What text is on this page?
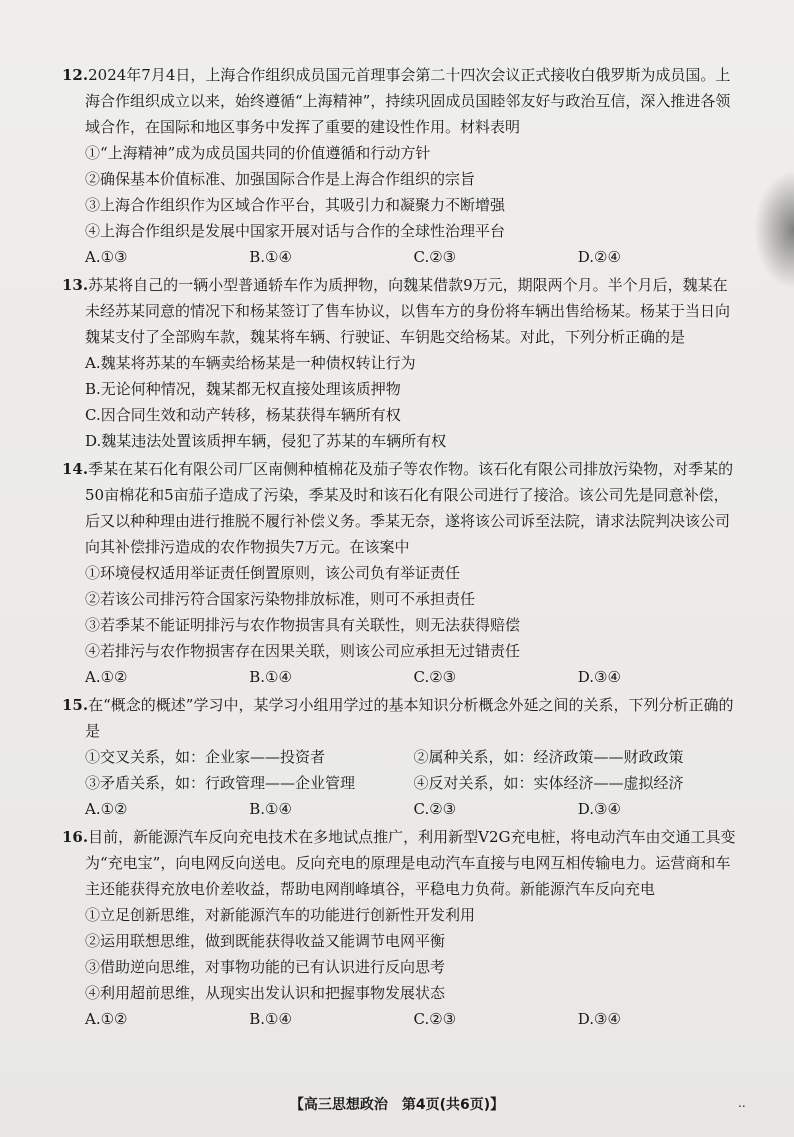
12.2024年7月4日，上海合作组织成员国元首理事会第二十四次会议正式接收白俄罗斯为成员国。上海合作组织成立以来，始终遵循“上海精神”，持续巩固成员国睦邻友好与政治互信，深入推进各领域合作，在国际和地区事务中发挥了重要的建设性作用。材料表明
①“上海精神”成为成员国共同的价值遵循和行动方针
②确保基本价值标准、加强国际合作是上海合作组织的宗旨
③上海合作组织作为区域合作平台，其吸引力和凝聚力不断增强
④上海合作组织是发展中国家开展对话与合作的全球性治理平台
A.①③	B.①④	C.②③	D.②④
13.苏某将自己的一辆小型普通轿车作为质押物，向魏某借款9万元，期限两个月。半个月后，魏某在未经苏某同意的情况下和杨某签订了售车协议，以售车方的身份将车辆出售给杨某。杨某于当日向魏某支付了全部购车款，魏某将车辆、行驶证、车钥匙交给杨某。对此，下列分析正确的是
A.魏某将苏某的车辆卖给杨某是一种债权转让行为
B.无论何种情况，魏某都无权直接处理该质押物
C.因合同生效和动产转移，杨某获得车辆所有权
D.魏某违法处置该质押车辆，侵犯了苏某的车辆所有权
14.季某在某石化有限公司厂区南侧种植棉花及茄子等农作物。该石化有限公司排放污染物，对季某的50亩棉花和5亩茄子造成了污染，季某及时和该石化有限公司进行了接洽。该公司先是同意补偿，后又以种种理由进行推脱不履行补偿义务。季某无奈，遂将该公司诉至法院，请求法院判决该公司向其补偿排污造成的农作物损失7万元。在该案中
①环境侵权适用举证责任倒置原则，该公司负有举证责任
②若该公司排污符合国家污染物排放标准，则可不承担责任
③若季某不能证明排污与农作物损害具有关联性，则无法获得赔偿
④若排污与农作物损害存在因果关联，则该公司应承担无过错责任
A.①②	B.①④	C.②③	D.③④
15.在“概念的概述”学习中，某学习小组用学过的基本知识分析概念外延之间的关系，下列分析正确的是
①交叉关系，如：企业家——投资者	②属种关系，如：经济政策——财政政策
③矛盾关系，如：行政管理——企业管理	④反对关系，如：实体经济——虚拟经济
A.①②	B.①④	C.②③	D.③④
16.目前，新能源汽车反向充电技术在多地试点推广，利用新型V2G充电桩，将电动汽车由交通工具变为“充电宝”，向电网反向送电。反向充电的原理是电动汽车直接与电网互相传输电力。运营商和车主还能获得充放电价差收益，帮助电网削峰填谷，平稳电力负荷。新能源汽车反向充电
①立足创新思维，对新能源汽车的功能进行创新性开发利用
②运用联想思维，做到既能获得收益又能调节电网平衡
③借助逆向思维，对事物功能的已有认识进行反向思考
④利用超前思维，从现实出发认识和把握事物发展状态
A.①②	B.①④	C.②③	D.③④
【高三思想政治　第4页(共6页)】	..
